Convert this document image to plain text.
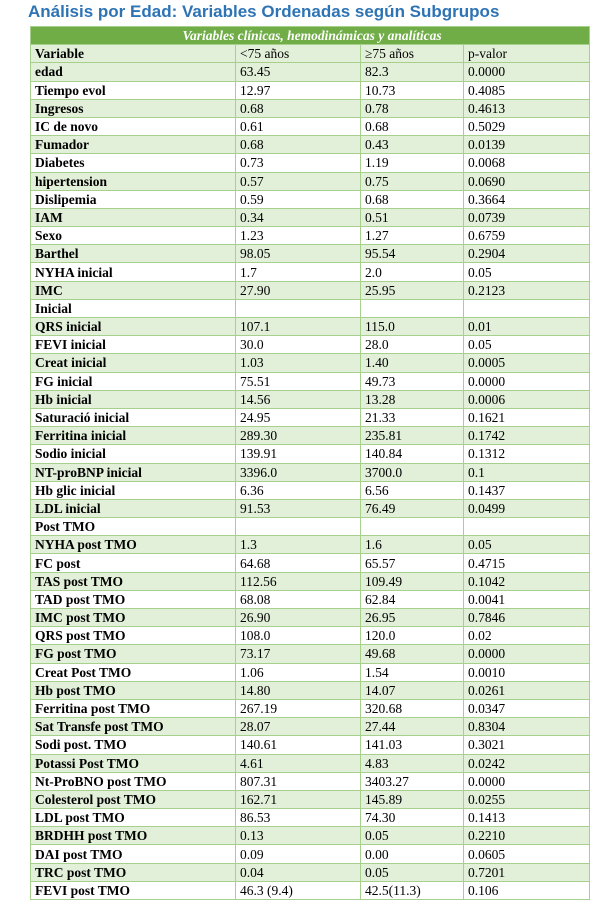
Análisis por Edad: Variables Ordenadas según Subgrupos
Variables clínicas, hemodinámicas y analíticas			
Variable	<75 años	≥75 años	p-valor
edad	63.45	82.3	0.0000
Tiempo evol	12.97	10.73	0.4085
Ingresos	0.68	0.78	0.4613
IC de novo	0.61	0.68	0.5029
Fumador	0.68	0.43	0.0139
Diabetes	0.73	1.19	0.0068
hipertension	0.57	0.75	0.0690
Dislipemia	0.59	0.68	0.3664
IAM	0.34	0.51	0.0739
Sexo	1.23	1.27	0.6759
Barthel	98.05	95.54	0.2904
NYHA inicial	1.7	2.0	0.05
IMC	27.90	25.95	0.2123
Inicial			
QRS inicial	107.1	115.0	0.01
FEVI inicial	30.0	28.0	0.05
Creat inicial	1.03	1.40	0.0005
FG inicial	75.51	49.73	0.0000
Hb inicial	14.56	13.28	0.0006
Saturació inicial	24.95	21.33	0.1621
Ferritina inicial	289.30	235.81	0.1742
Sodio inicial	139.91	140.84	0.1312
NT-proBNP inicial	3396.0	3700.0	0.1
Hb glic inicial	6.36	6.56	0.1437
LDL inicial	91.53	76.49	0.0499
Post TMO			
NYHA post TMO	1.3	1.6	0.05
FC post	64.68	65.57	0.4715
TAS post TMO	112.56	109.49	0.1042
TAD post TMO	68.08	62.84	0.0041
IMC post TMO	26.90	26.95	0.7846
QRS post TMO	108.0	120.0	0.02
FG post TMO	73.17	49.68	0.0000
Creat Post TMO	1.06	1.54	0.0010
Hb post TMO	14.80	14.07	0.0261
Ferritina post TMO	267.19	320.68	0.0347
Sat Transfe post TMO	28.07	27.44	0.8304
Sodi post. TMO	140.61	141.03	0.3021
Potassi Post TMO	4.61	4.83	0.0242
Nt-ProBNO post TMO	807.31	3403.27	0.0000
Colesterol post TMO	162.71	145.89	0.0255
LDL post TMO	86.53	74.30	0.1413
BRDHH post TMO	0.13	0.05	0.2210
DAI post TMO	0.09	0.00	0.0605
TRC post TMO	0.04	0.05	0.7201
FEVI post TMO	46.3 (9.4)	42.5(11.3)	0.106
